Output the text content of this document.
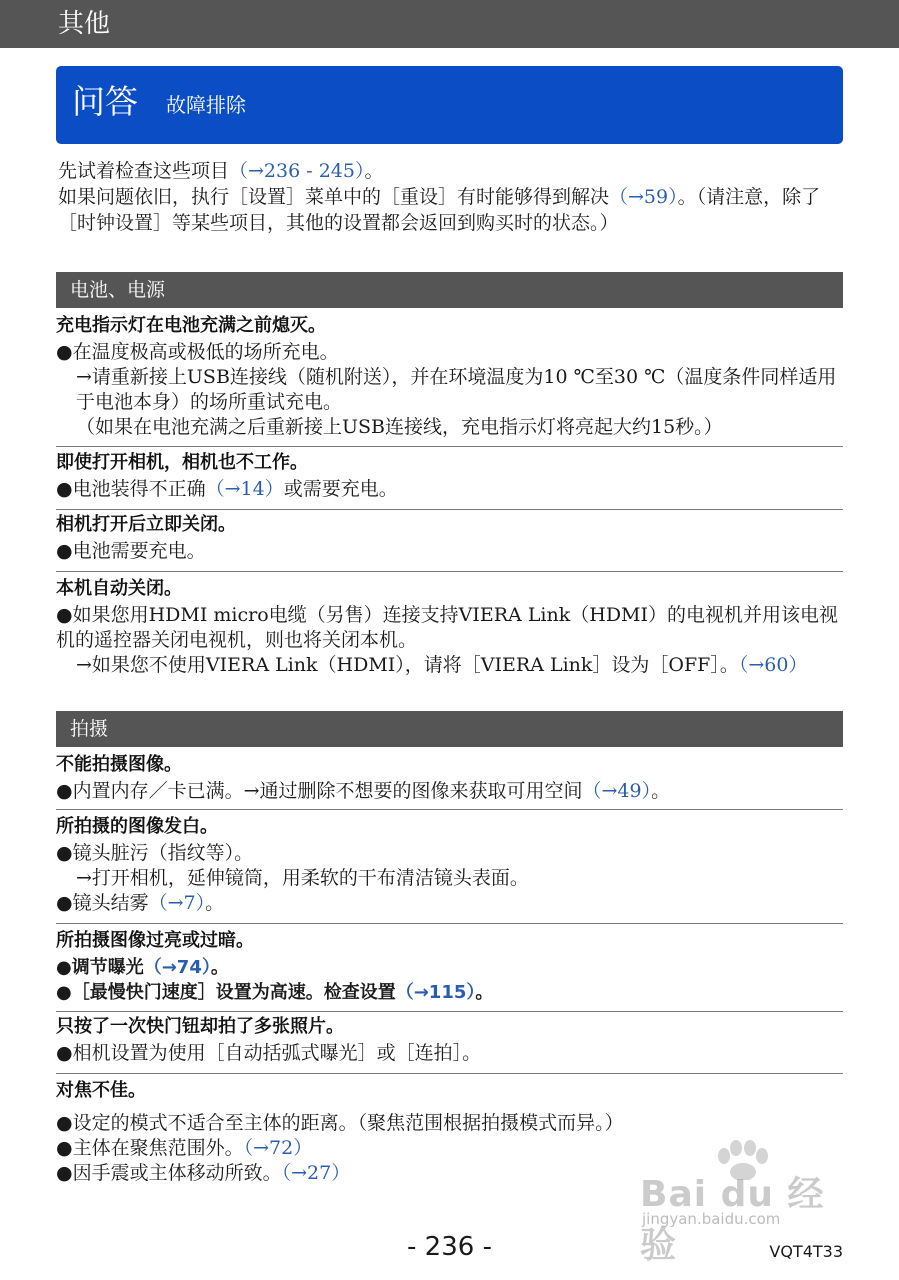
其他
问答 故障排除

先试着检查这些项目（→236 - 245）。

如果问题依旧，执行［设置］菜单中的［重设］有时能够得到解决（→59）。（请注意，除了［时钟设置］等某些项目，其他的设置都会返回到购买时的状态。）

电池、电源

充电指示灯在电池充满之前熄灭。

● 在温度极高或极低的场所充电。

→请重新接上USB连接线（随机附送），并在环境温度为10 ℃至30 ℃（温度条件同样适用于电池本身）的场所重试充电。

（如果在电池充满之后重新接上USB连接线，充电指示灯将亮起大约15秒。）

即使打开相机，相机也不工作。

● 电池装得不正确（→14）或需要充电。

相机打开后立即关闭。

● 电池需要充电。

本机自动关闭。

● 如果您用HDMI micro电缆（另售）连接支持VIERA Link（HDMI）的电视机并用该电视机的遥控器关闭电视机，则也将关闭本机。

→如果您不使用VIERA Link（HDMI），请将［VIERA Link］设为［OFF］。（→60）

拍摄

不能拍摄图像。

● 内置内存／卡已满。→通过删除不想要的图像来获取可用空间（→49）。

所拍摄的图像发白。

● 镜头脏污（指纹等）。

→打开相机，延伸镜筒，用柔软的干布清洁镜头表面。

● 镜头结雾（→7）。

所拍摄图像过亮或过暗。

● 调节曝光（→74）。

● ［最慢快门速度］设置为高速。检查设置（→115）。

只按了一次快门钮却拍了多张照片。

● 相机设置为使用［自动括弧式曝光］或［连拍］。

对焦不佳。

● 设定的模式不适合至主体的距离。（聚焦范围根据拍摄模式而异。）

● 主体在聚焦范围外。（→72）

● 因手震或主体移动所致。（→27）

Bai du 经验
jingyan.baidu.com
- 236 -	VQT4T33
